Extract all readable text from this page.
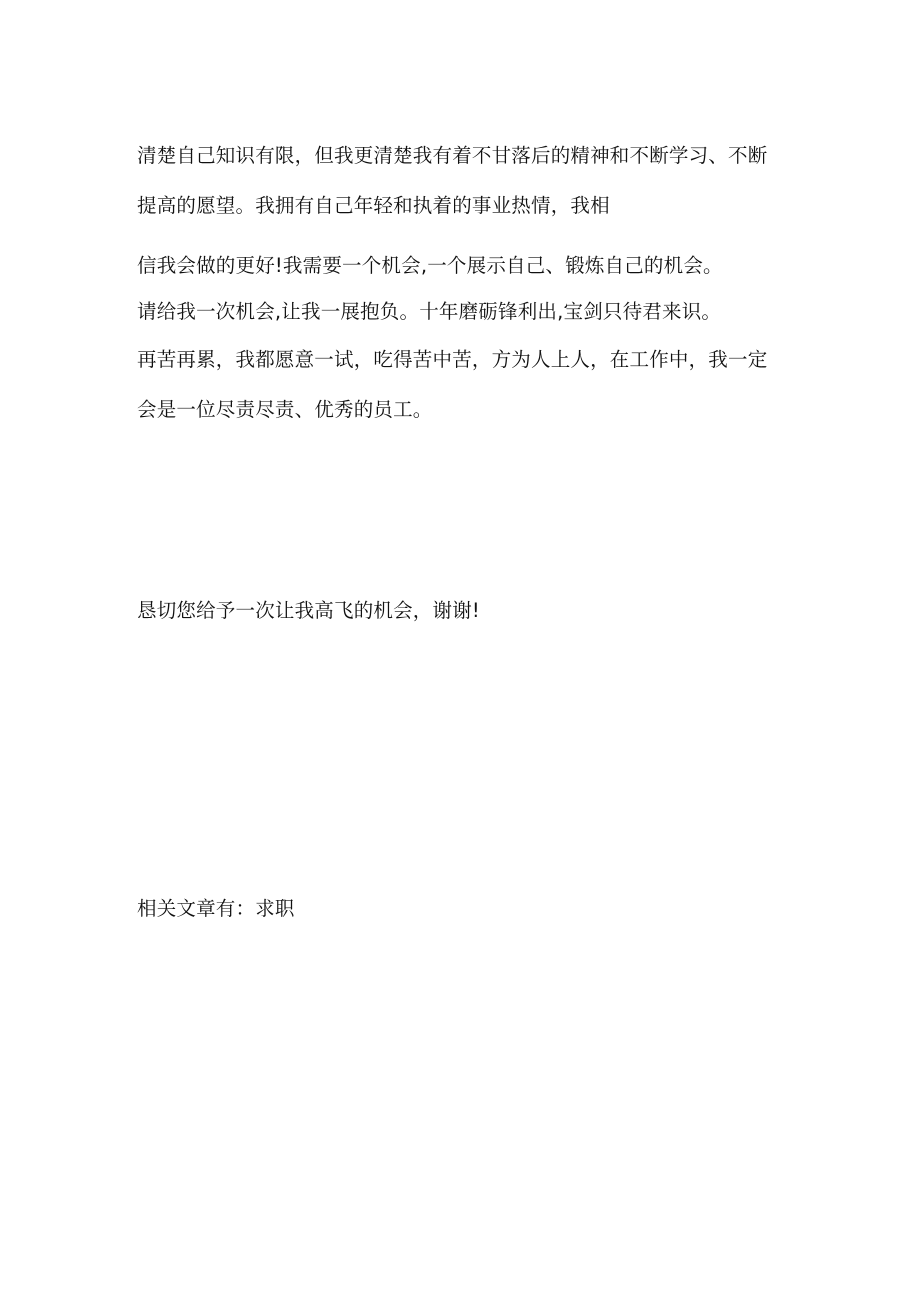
清楚自己知识有限，但我更清楚我有着不甘落后的精神和不断学习、不断
提高的愿望。我拥有自己年轻和执着的事业热情，我相
信我会做的更好!我需要一个机会,一个展示自己、锻炼自己的机会。
请给我一次机会,让我一展抱负。十年磨砺锋利出,宝剑只待君来识。
再苦再累，我都愿意一试，吃得苦中苦，方为人上人，在工作中，我一定
会是一位尽责尽责、优秀的员工。
恳切您给予一次让我高飞的机会，谢谢!
相关文章有：求职
